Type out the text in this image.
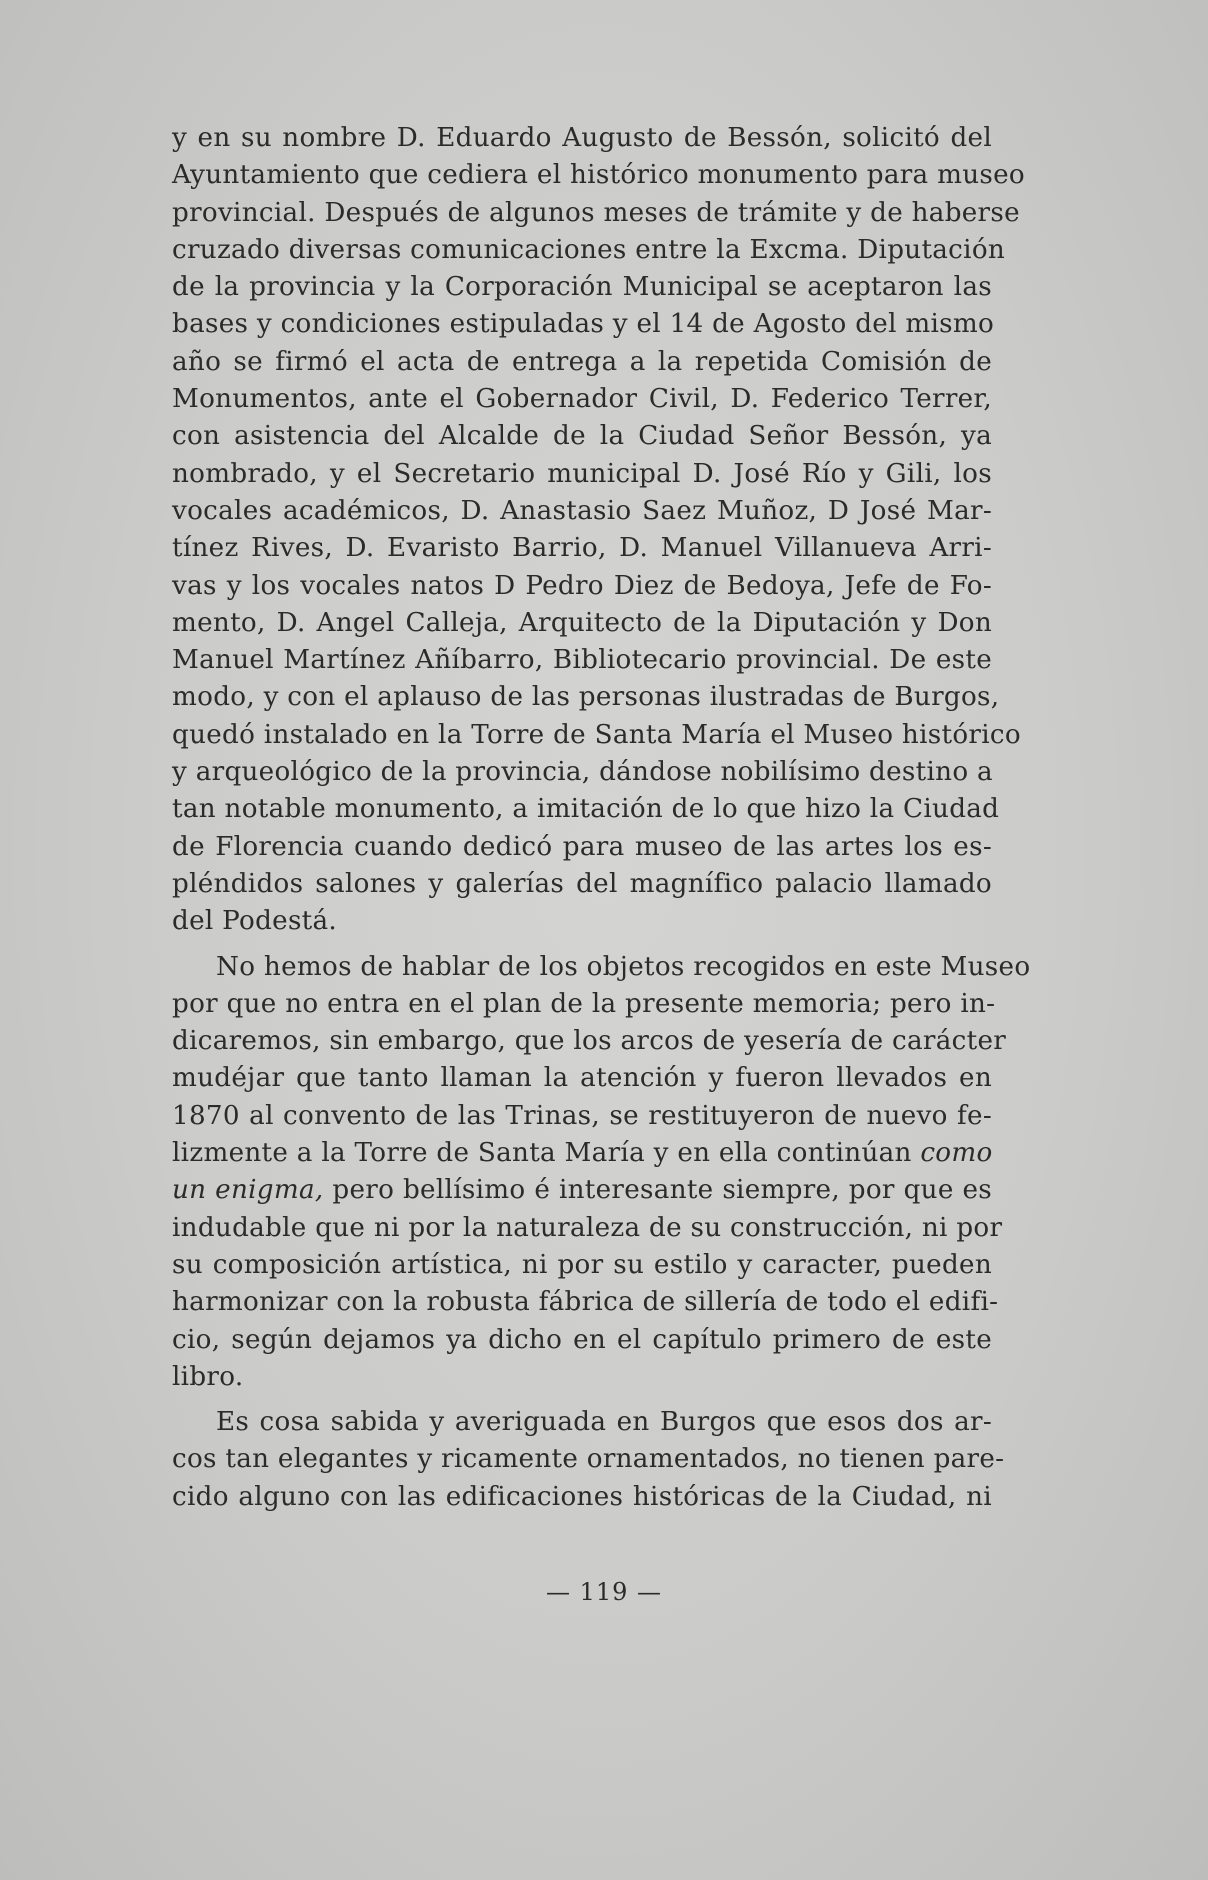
y en su nombre D. Eduardo Augusto de Bessón, solicitó del
Ayuntamiento que cediera el histórico monumento para museo
provincial. Después de algunos meses de trámite y de haberse
cruzado diversas comunicaciones entre la Excma. Diputación
de la provincia y la Corporación Municipal se aceptaron las
bases y condiciones estipuladas y el 14 de Agosto del mismo
año se firmó el acta de entrega a la repetida Comisión de
Monumentos, ante el Gobernador Civil, D. Federico Terrer,
con asistencia del Alcalde de la Ciudad Señor Bessón, ya
nombrado, y el Secretario municipal D. José Río y Gili, los
vocales académicos, D. Anastasio Saez Muñoz, D José Mar-
tínez Rives, D. Evaristo Barrio, D. Manuel Villanueva Arri-
vas y los vocales natos D Pedro Diez de Bedoya, Jefe de Fo-
mento, D. Angel Calleja, Arquitecto de la Diputación y Don
Manuel Martínez Añíbarro, Bibliotecario provincial. De este
modo, y con el aplauso de las personas ilustradas de Burgos,
quedó instalado en la Torre de Santa María el Museo histórico
y arqueológico de la provincia, dándose nobilísimo destino a
tan notable monumento, a imitación de lo que hizo la Ciudad
de Florencia cuando dedicó para museo de las artes los es-
pléndidos salones y galerías del magnífico palacio llamado
del Podestá.
No hemos de hablar de los objetos recogidos en este Museo
por que no entra en el plan de la presente memoria; pero in-
dicaremos, sin embargo, que los arcos de yesería de carácter
mudéjar que tanto llaman la atención y fueron llevados en
1870 al convento de las Trinas, se restituyeron de nuevo fe-
lizmente a la Torre de Santa María y en ella continúan como
un enigma, pero bellísimo é interesante siempre, por que es
indudable que ni por la naturaleza de su construcción, ni por
su composición artística, ni por su estilo y caracter, pueden
harmonizar con la robusta fábrica de sillería de todo el edifi-
cio, según dejamos ya dicho en el capítulo primero de este
libro.
Es cosa sabida y averiguada en Burgos que esos dos ar-
cos tan elegantes y ricamente ornamentados, no tienen pare-
cido alguno con las edificaciones históricas de la Ciudad, ni
— 119 —
